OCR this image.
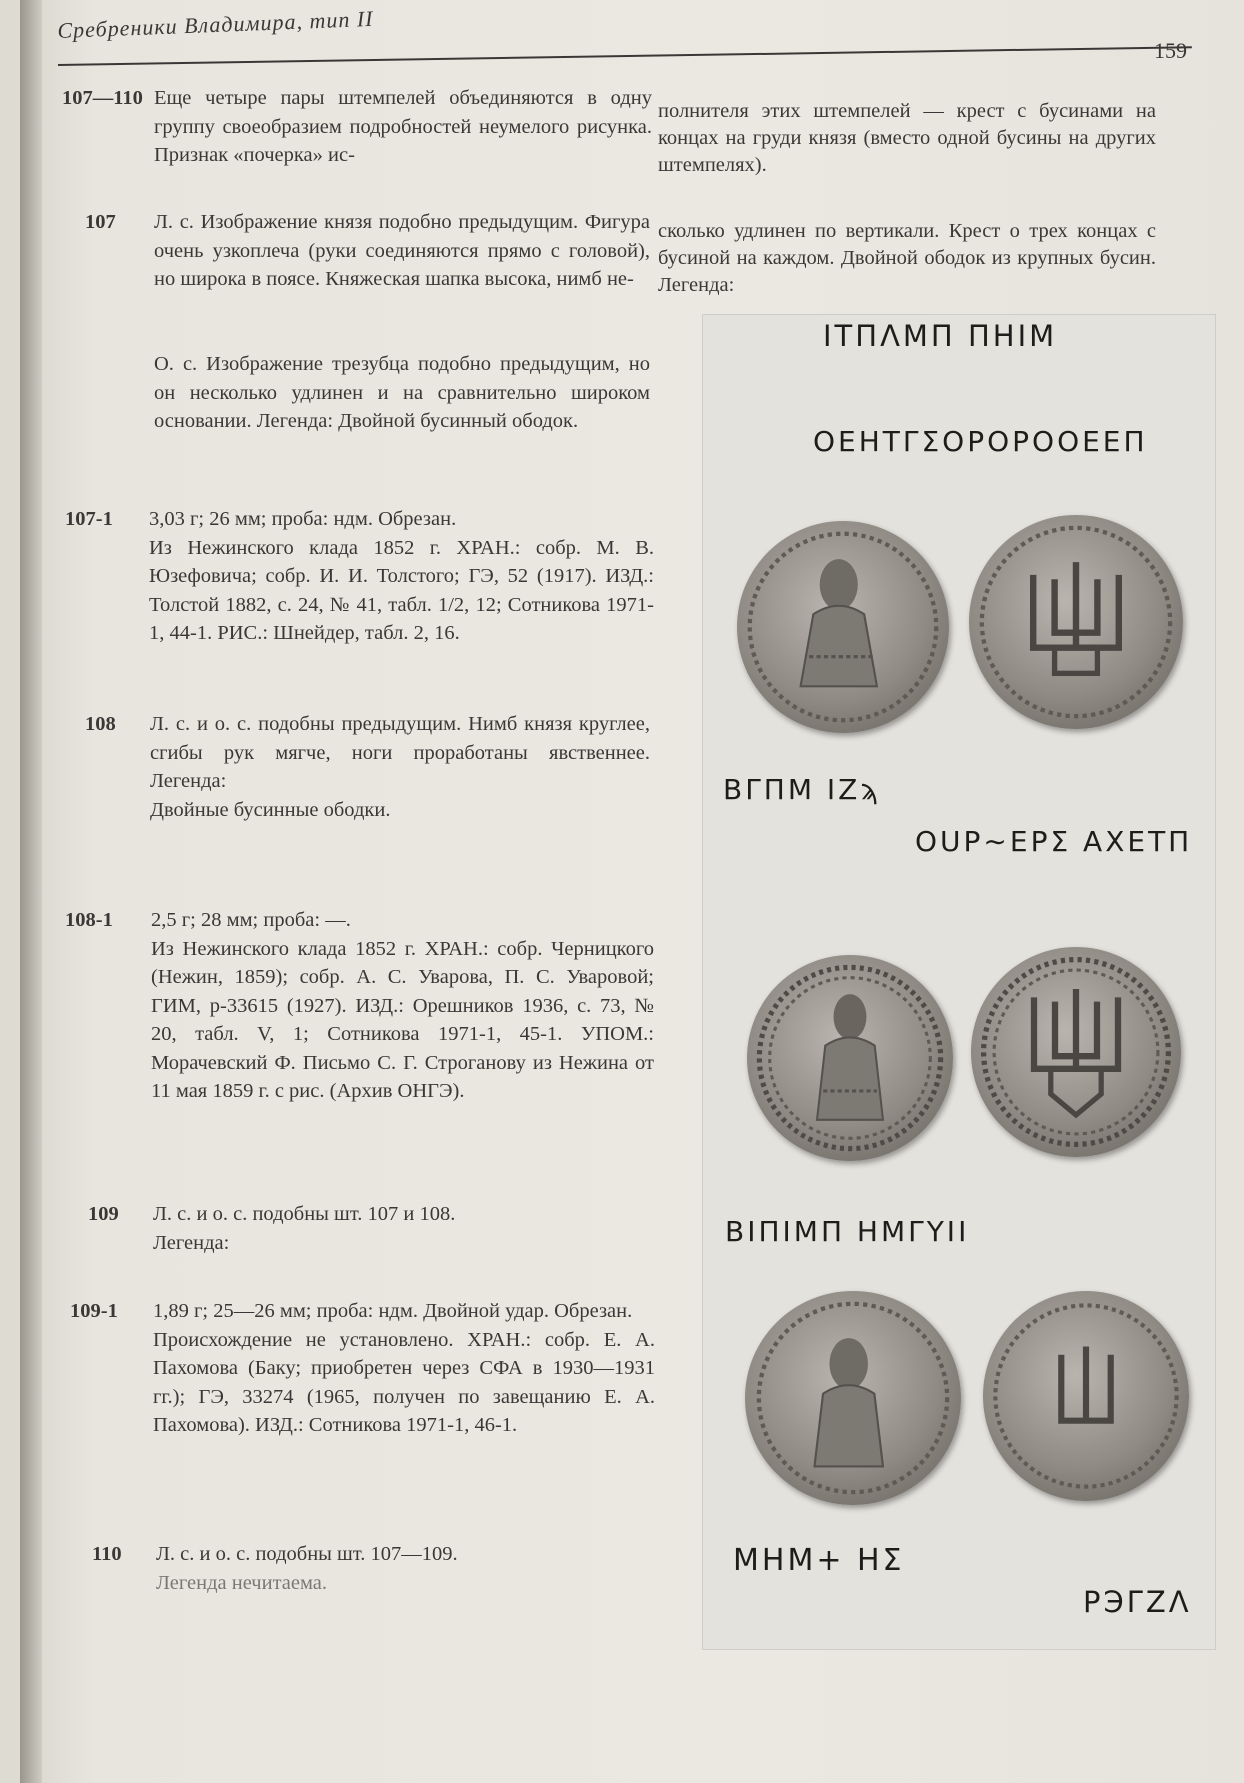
Сребреники Владимира, тип II
159
107—110 Еще четыре пары штемпелей объединяются в одну группу своеобразием подробностей неумелого рисунка. Признак «почерка» ис-

107 Л. с. Изображение князя подобно предыдущим. Фигура очень узкоплеча (руки соединяются прямо с головой), но широка в поясе. Княжеская шапка высока, нимб не-

О. с. Изображение трезубца подобно предыдущим, но он несколько удлинен и на сравнительно широком основании. Легенда: Двойной бусинный ободок.

107-1 3,03 г; 26 мм; проба: ндм. Обрезан.

Из Нежинского клада 1852 г. ХРАН.: собр. М. В. Юзефовича; собр. И. И. Толстого; ГЭ, 52 (1917). ИЗД.: Толстой 1882, с. 24, № 41, табл. 1/2, 12; Сотникова 1971-1, 44-1. РИС.: Шнейдер, табл. 2, 16.

108 Л. с. и о. с. подобны предыдущим. Нимб князя круглее, сгибы рук мягче, ноги проработаны явственнее. Легенда:

Двойные бусинные ободки.

108-1 2,5 г; 28 мм; проба: —.

Из Нежинского клада 1852 г. ХРАН.: собр. Черницкого (Нежин, 1859); собр. А. С. Уварова, П. С. Уваровой; ГИМ, р-33615 (1927). ИЗД.: Орешников 1936, с. 73, № 20, табл. V, 1; Сотникова 1971-1, 45-1. УПОМ.: Морачевский Ф. Письмо С. Г. Строганову из Нежина от 11 мая 1859 г. с рис. (Архив ОНГЭ).

109 Л. с. и о. с. подобны шт. 107 и 108.

Легенда:

109-1 1,89 г; 25—26 мм; проба: ндм. Двойной удар. Обрезан.

Происхождение не установлено. ХРАН.: собр. Е. А. Пахомова (Баку; приобретен через СФА в 1930—1931 гг.); ГЭ, 33274 (1965, получен по завещанию Е. А. Пахомова). ИЗД.: Сотникова 1971-1, 46-1.

110 Л. с. и о. с. подобны шт. 107—109.

Легенда нечитаема.

полнителя этих штемпелей — крест с бусинами на концах на груди князя (вместо одной бусины на других штемпелях).

сколько удлинен по вертикали. Крест о трех концах с бусиной на каждом. Двойной ободок из крупных бусин. Легенда:

ΙΤΠΛΜΠ ΠΗΙΜ
ΟΕΗΤΓΣΟΡΟΡΟΟΕΕΠ
ΒΓΠΜ ΙΖϡ
ΟUΡ∼ΕΡΣ ΑΧΕΤΠ
ΒΙΠΙΜΠ ΗΜΓΥΙΙ
ΜΗΜ+ ΗΣ
ΡЭΓΖΛ
